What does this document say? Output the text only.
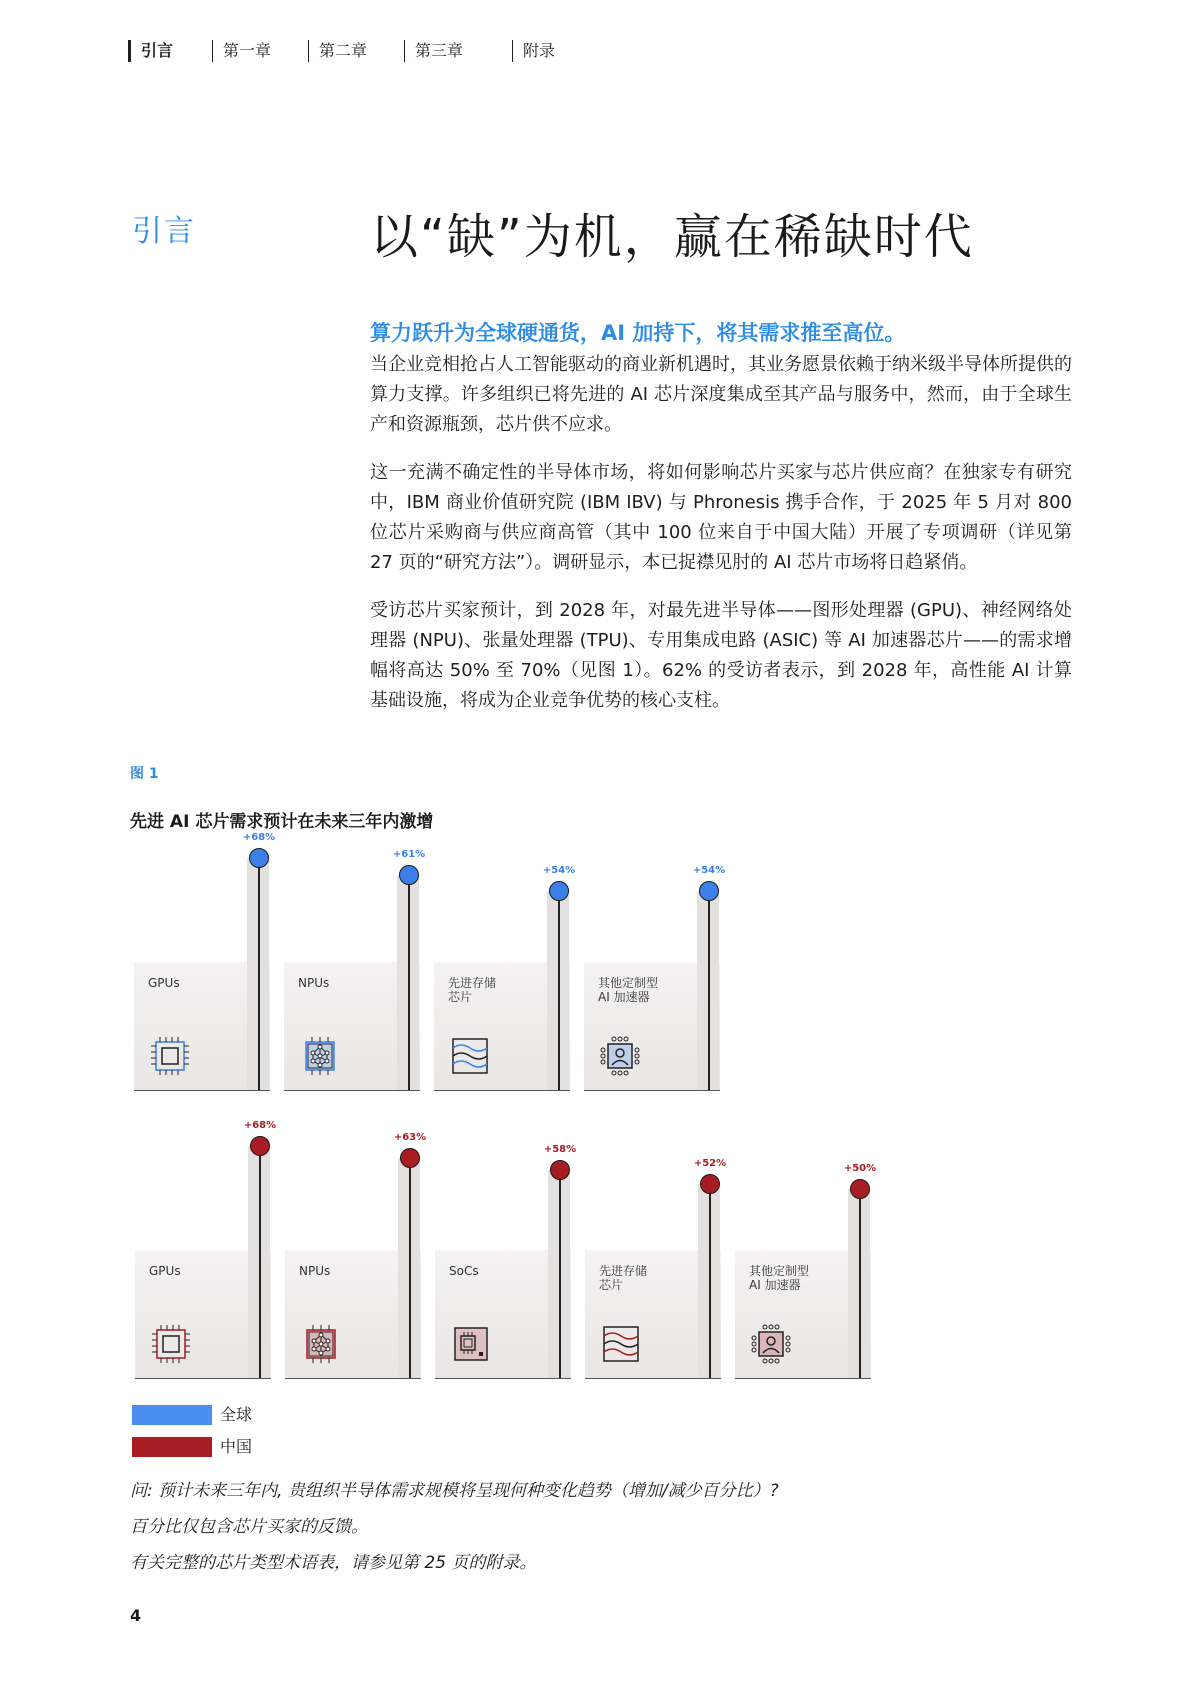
引言	第一章	第二章	第三章	附录
引言	以“缺”为机，赢在稀缺时代
算力跃升为全球硬通货，AI 加持下，将其需求推至高位。

当企业竞相抢占人工智能驱动的商业新机遇时，其业务愿景依赖于纳米级半导体所提供的算力支撑。许多组织已将先进的 AI 芯片深度集成至其产品与服务中，然而，由于全球生产和资源瓶颈，芯片供不应求。

这一充满不确定性的半导体市场，将如何影响芯片买家与芯片供应商？在独家专有研究中，IBM 商业价值研究院 (IBM IBV) 与 Phronesis 携手合作，于 2025 年 5 月对 800 位芯片采购商与供应商高管（其中 100 位来自于中国大陆）开展了专项调研（详见第 27 页的“研究方法”）。调研显示，本已捉襟见肘的 AI 芯片市场将日趋紧俏。

受访芯片买家预计，到 2028 年，对最先进半导体——图形处理器 (GPU)、神经网络处理器 (NPU)、张量处理器 (TPU)、专用集成电路 (ASIC) 等 AI 加速器芯片——的需求增幅将高达 50% 至 70%（见图 1）。62% 的受访者表示，到 2028 年，高性能 AI 计算基础设施，将成为企业竞争优势的核心支柱。

图 1
先进 AI 芯片需求预计在未来三年内激增
GPUs
+68%
NPUs
+61%
先进存储
芯片
+54%
其他定制型
AI 加速器
+54%
GPUs
+68%
NPUs
+63%
SoCs
+58%
先进存储
芯片
+52%
其他定制型
AI 加速器
+50%
全球
中国

问: 预计未来三年内, 贵组织半导体需求规模将呈现何种变化趋势（增加/减少百分比）?

百分比仅包含芯片买家的反馈。

有关完整的芯片类型术语表，请参见第 25 页的附录。

4
